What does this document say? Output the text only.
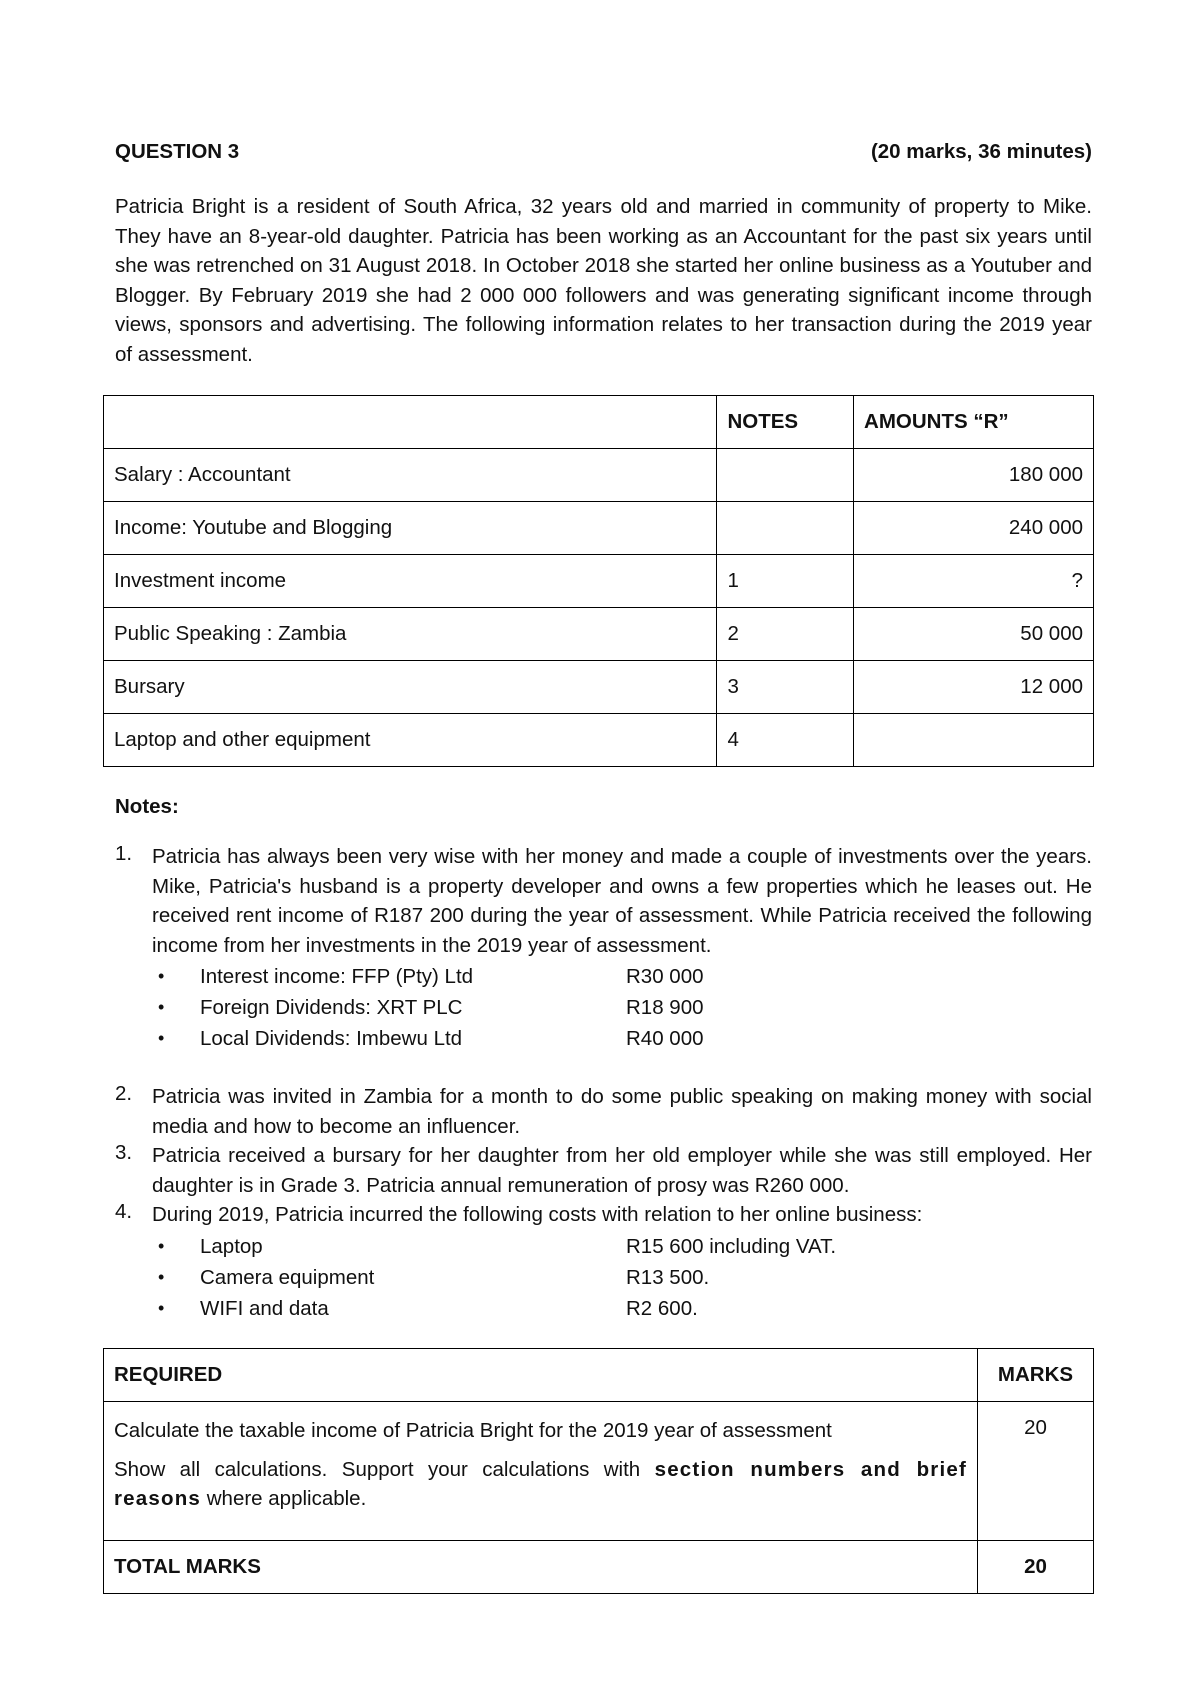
QUESTION 3	(20 marks, 36 minutes)

Patricia Bright is a resident of South Africa, 32 years old and married in community of property to Mike. They have an 8-year-old daughter. Patricia has been working as an Accountant for the past six years until she was retrenched on 31 August 2018. In October 2018 she started her online business as a Youtuber and Blogger. By February 2019 she had 2 000 000 followers and was generating significant income through views, sponsors and advertising. The following information relates to her transaction during the 2019 year of assessment.

	NOTES	AMOUNTS “R”
Salary : Accountant		180 000
Income: Youtube and Blogging		240 000
Investment income	1	?
Public Speaking : Zambia	2	50 000
Bursary	3	12 000
Laptop and other equipment	4	
Notes:
1. Patricia has always been very wise with her money and made a couple of investments over the years. Mike, Patricia's husband is a property developer and owns a few properties which he leases out. He received rent income of R187 200 during the year of assessment. While Patricia received the following income from her investments in the 2019 year of assessment.
•	Interest income: FFP (Pty) Ltd	R30 000
•	Foreign Dividends: XRT PLC	R18 900
•	Local Dividends: Imbewu Ltd	R40 000
2. Patricia was invited in Zambia for a month to do some public speaking on making money with social media and how to become an influencer.
3. Patricia received a bursary for her daughter from her old employer while she was still employed. Her daughter is in Grade 3. Patricia annual remuneration of prosy was R260 000.
4. During 2019, Patricia incurred the following costs with relation to her online business:
•	Laptop	R15 600 including VAT.
•	Camera equipment	R13 500.
•	WIFI and data	R2 600.
REQUIRED	MARKS

Calculate the taxable income of Patricia Bright for the 2019 year of assessment

Show all calculations. Support your calculations with section numbers and brief reasons where applicable.	20
TOTAL MARKS	20
